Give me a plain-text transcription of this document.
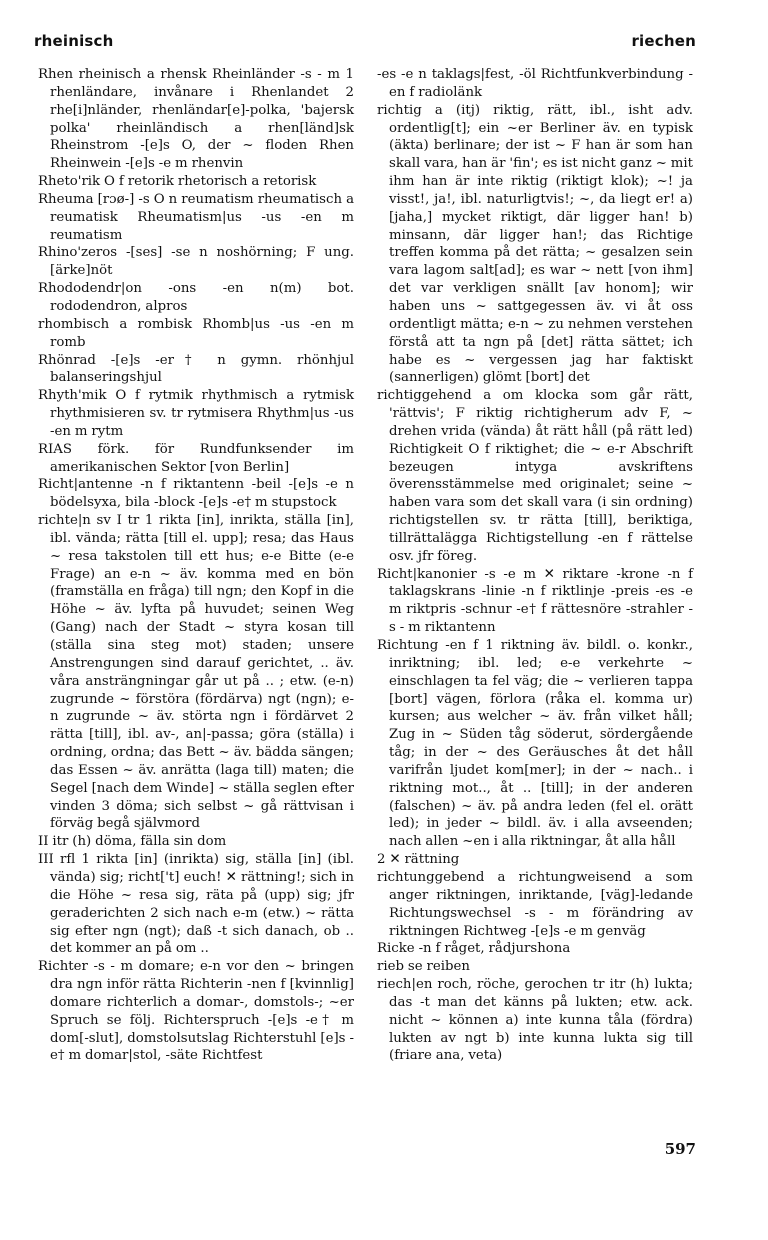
rheinisch	riechen

Rhen rheinisch a rhensk Rheinländer -s - m 1 rhenländare, invånare i Rhenlandet 2 rhe[i]nländer, rhenländar[e]-polka, 'bajersk polka' rheinländisch a rhen[länd]sk Rheinstrom -[e]s O, der ~ floden Rhen Rheinwein -[e]s -e m rhenvin

Rheto'rik O f retorik rhetorisch a retorisk

Rheuma [rɔø-] -s O n reumatism rheumatisch a reumatisk Rheumatism|us -us -en m reumatism

Rhino'zeros -[ses] -se n noshörning; F ung. [ärke]nöt

Rhododendr|on -ons -en n(m) bot. rododendron, alpros

rhombisch a rombisk Rhomb|us -us -en m romb

Rhönrad -[e]s -er† n gymn. rhönhjul balanseringshjul

Rhyth'mik O f rytmik rhythmisch a rytmisk rhythmisieren sv. tr rytmisera Rhythm|us -us -en m rytm

RIAS förk. för Rundfunksender im amerikanischen Sektor [von Berlin]

Richt|antenne -n f riktantenn -beil -[e]s -e n bödelsyxa, bila -block -[e]s -e† m stupstock

richte|n sv I tr 1 rikta [in], inrikta, ställa [in], ibl. vända; rätta [till el. upp]; resa; das Haus ~ resa takstolen till ett hus; e-e Bitte (e-e Frage) an e-n ~ äv. komma med en bön (framställa en fråga) till ngn; den Kopf in die Höhe ~ äv. lyfta på huvudet; seinen Weg (Gang) nach der Stadt ~ styra kosan till (ställa sina steg mot) staden; unsere Anstrengungen sind darauf gerichtet, .. äv. våra ansträngningar går ut på .. ; etw. (e-n) zugrunde ~ förstöra (fördärva) ngt (ngn); e-n zugrunde ~ äv. störta ngn i fördärvet 2 rätta [till], ibl. av-, an|-passa; göra (ställa) i ordning, ordna; das Bett ~ äv. bädda sängen; das Essen ~ äv. anrätta (laga till) maten; die Segel [nach dem Winde] ~ ställa seglen efter vinden 3 döma; sich selbst ~ gå rättvisan i förväg begå självmord

II itr (h) döma, fälla sin dom

III rfl 1 rikta [in] (inrikta) sig, ställa [in] (ibl. vända) sig; richt['t] euch! ✕ rättning!; sich in die Höhe ~ resa sig, räta på (upp) sig; jfr geraderichten 2 sich nach e-m (etw.) ~ rätta sig efter ngn (ngt); daß -t sich danach, ob .. det kommer an på om ..

Richter -s - m domare; e-n vor den ~ bringen dra ngn inför rätta Richterin -nen f [kvinnlig] domare richterlich a domar-, domstols-; ~er Spruch se följ. Richterspruch -[e]s -e† m dom[-slut], domstolsutslag Richterstuhl [e]s -e† m domar|stol, -säte Richtfest

-es -e n taklags|fest, -öl Richtfunkverbindung -en f radiolänk

richtig a (itj) riktig, rätt, ibl., isht adv. ordentlig[t]; ein ~er Berliner äv. en typisk (äkta) berlinare; der ist ~ F han är som han skall vara, han är 'fin'; es ist nicht ganz ~ mit ihm han är inte riktig (riktigt klok); ~! ja visst!, ja!, ibl. naturligtvis!; ~, da liegt er! a) [jaha,] mycket riktigt, där ligger han! b) minsann, där ligger han!; das Richtige treffen komma på det rätta; ~ gesalzen sein vara lagom salt[ad]; es war ~ nett [von ihm] det var verkligen snällt [av honom]; wir haben uns ~ sattgegessen äv. vi åt oss ordentligt mätta; e-n ~ zu nehmen verstehen förstå att ta ngn på [det] rätta sättet; ich habe es ~ vergessen jag har faktiskt (sannerligen) glömt [bort] det

richtiggehend a om klocka som går rätt, 'rättvis'; F riktig richtigherum adv F, ~ drehen vrida (vända) åt rätt håll (på rätt led) Richtigkeit O f riktighet; die ~ e-r Abschrift bezeugen intyga avskriftens överensstämmelse med originalet; seine ~ haben vara som det skall vara (i sin ordning) richtigstellen sv. tr rätta [till], beriktiga, tillrättalägga Richtigstellung -en f rättelse osv. jfr föreg.

Richt|kanonier -s -e m ✕ riktare -krone -n f taklagskrans -linie -n f riktlinje -preis -es -e m riktpris -schnur -e† f rättesnöre -strahler -s - m riktantenn

Richtung -en f 1 riktning äv. bildl. o. konkr., inriktning; ibl. led; e-e verkehrte ~ einschlagen ta fel väg; die ~ verlieren tappa [bort] vägen, förlora (råka el. komma ur) kursen; aus welcher ~ äv. från vilket håll; Zug in ~ Süden tåg söderut, sördergående tåg; in der ~ des Geräusches åt det håll varifrån ljudet kom[mer]; in der ~ nach.. i riktning mot.., åt .. [till]; in der anderen (falschen) ~ äv. på andra leden (fel el. orätt led); in jeder ~ bildl. äv. i alla avseenden; nach allen ~en i alla riktningar, åt alla håll

2 ✕ rättning

richtunggebend a richtungweisend a som anger riktningen, inriktande, [väg]-ledande Richtungswechsel -s - m förändring av riktningen Richtweg -[e]s -e m genväg

Ricke -n f råget, rådjurshona

rieb se reiben

riech|en roch, röche, gerochen tr itr (h) lukta; das -t man det känns på lukten; etw. ack. nicht ~ können a) inte kunna tåla (fördra) lukten av ngt b) inte kunna lukta sig till (friare ana, veta)

597
